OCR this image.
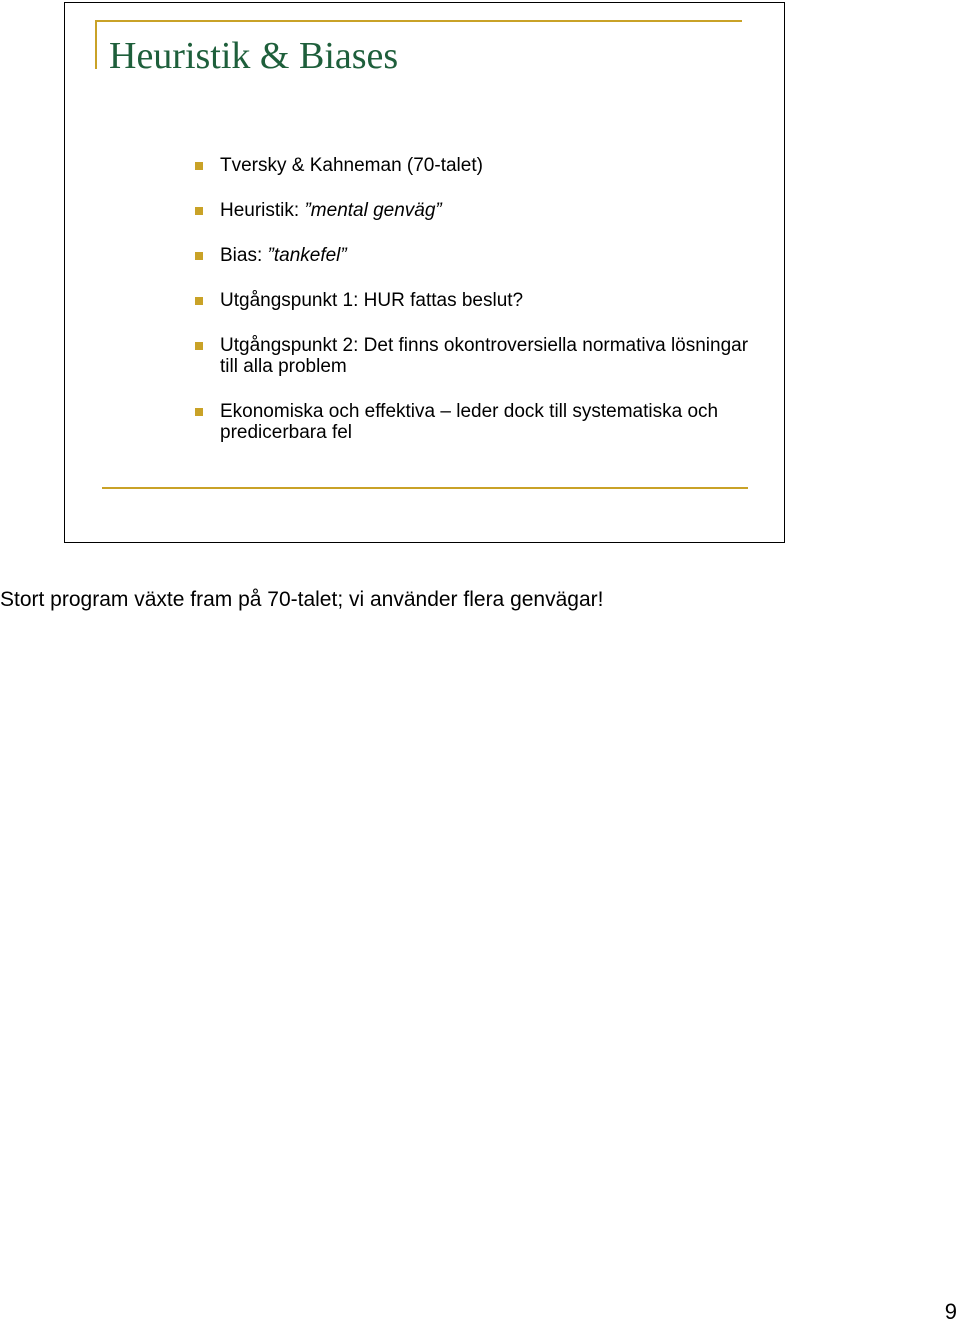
Heuristik & Biases
Tversky & Kahneman (70-talet)
Heuristik: ”mental genväg”
Bias: ”tankefel”
Utgångspunkt 1: HUR fattas beslut?
Utgångspunkt 2: Det finns okontroversiella normativa lösningar till alla problem
Ekonomiska och effektiva – leder dock till systematiska och predicerbara fel
Stort program växte fram på 70-talet; vi använder flera genvägar!
9
